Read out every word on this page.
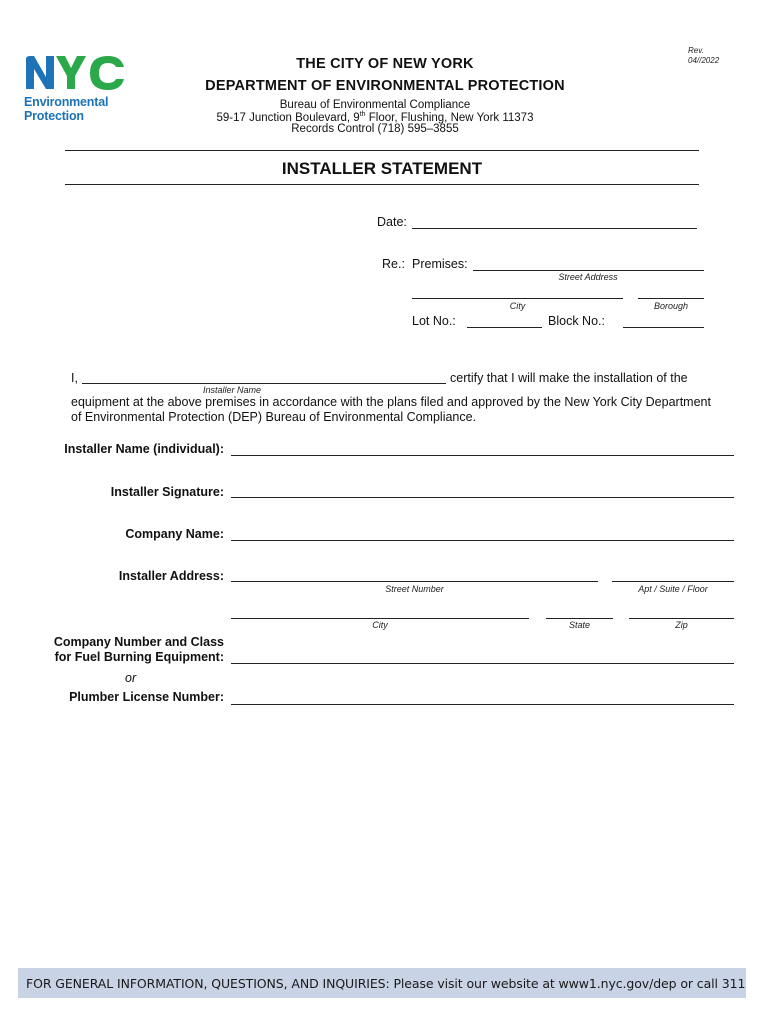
Environmental
Protection
Rev.
04//2022
THE CITY OF NEW YORK
DEPARTMENT OF ENVIRONMENTAL PROTECTION
Bureau of Environmental Compliance
59-17 Junction Boulevard, 9th Floor, Flushing, New York 11373
Records Control (718) 595–3855
INSTALLER STATEMENT
Date:
Re.: Premises:
Street Address
City	Borough
Lot No.:	Block No.:
I,
Installer Name
certify that I will make the installation of the
equipment at the above premises in accordance with the plans filed and approved by the New York City Department of Environmental Protection (DEP) Bureau of Environmental Compliance.
Installer Name (individual):
Installer Signature:
Company Name:
Installer Address:
Street Number	Apt / Suite / Floor
City	State	Zip
Company Number and Class
for Fuel Burning Equipment:
or
Plumber License Number:
FOR GENERAL INFORMATION, QUESTIONS, AND INQUIRIES: Please visit our website at www1.nyc.gov/dep or call 311
